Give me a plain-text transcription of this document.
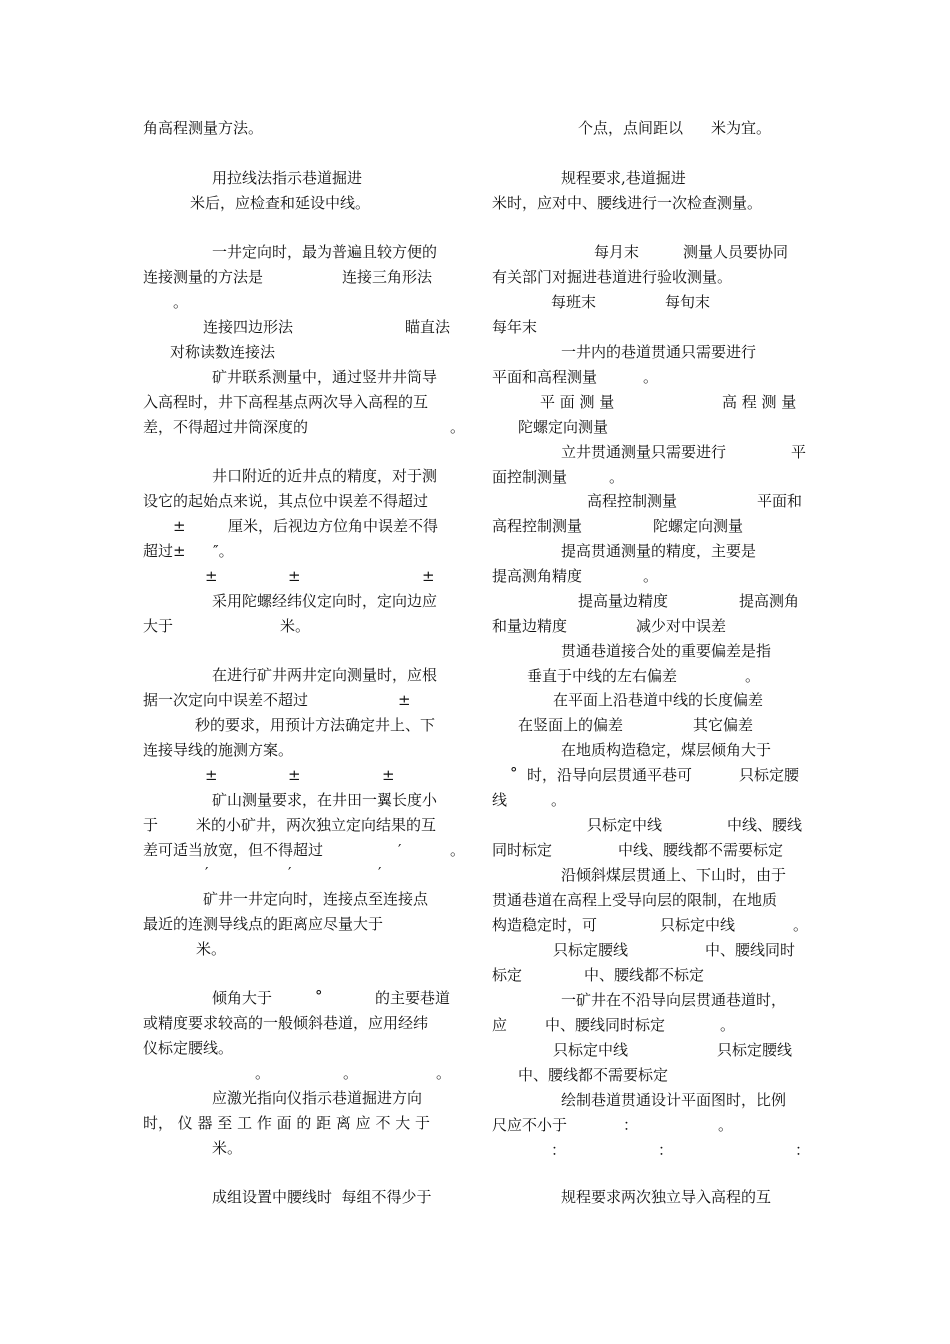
角高程测量方法。
用拉线法指示巷道掘进
米后，应检查和延设中线。
一井定向时，最为普遍且较方便的
连接测量的方法是	连接三角形法
。
连接四边形法	瞄直法
对称读数连接法
矿井联系测量中，通过竖井井筒导
入高程时，井下高程基点两次导入高程的互
差，不得超过井筒深度的	。
井口附近的近井点的精度，对于测
设它的起始点来说，其点位中误差不得超过
±	厘米，后视边方位角中误差不得
超过± ″。
±	±	±
采用陀螺经纬仪定向时，定向边应
大于	米。
在进行矿井两井定向测量时，应根
据一次定向中误差不超过	±
秒的要求，用预计方法确定井上、下
连接导线的施测方案。
±	±	±
矿山测量要求，在井田一翼长度小
于	米的小矿井，两次独立定向结果的互
差可适当放宽，但不得超过	′	。
′	′	′
矿井一井定向时，连接点至连接点
最近的连测导线点的距离应尽量大于
米。
倾角大于	°	的主要巷道
或精度要求较高的一般倾斜巷道，应用经纬
仪标定腰线。
。	。	。
应激光指向仪指示巷道掘进方向
时， 仪 器 至 工 作 面 的 距 离 应 不 大 于
米。
成组设置中腰线时  每组不得少于
个点，点间距以 米为宜。
规程要求,巷道掘进
米时，应对中、腰线进行一次检查测量。
每月末	测量人员要协同
有关部门对掘进巷道进行验收测量。
每班末	每旬末
每年末
一井内的巷道贯通只需要进行
平面和高程测量	。
平 面 测 量	高 程 测 量
陀螺定向测量
立井贯通测量只需要进行	平
面控制测量	。
高程控制测量	平面和
高程控制测量	陀螺定向测量
提高贯通测量的精度，主要是
提高测角精度	。
提高量边精度	提高测角
和量边精度	减少对中误差
贯通巷道接合处的重要偏差是指
垂直于中线的左右偏差	。
在平面上沿巷道中线的长度偏差
在竖面上的偏差	其它偏差
在地质构造稳定，煤层倾角大于
° 时，沿导向层贯通平巷可	只标定腰
线	。
只标定中线	中线、腰线
同时标定	中线、腰线都不需要标定
沿倾斜煤层贯通上、下山时，由于
贯通巷道在高程上受导向层的限制，在地质
构造稳定时，可	只标定中线	。
只标定腰线	中、腰线同时
标定	中、腰线都不标定
一矿井在不沿导向层贯通巷道时，
应	中、腰线同时标定	。
只标定中线	只标定腰线
中、腰线都不需要标定
绘制巷道贯通设计平面图时，比例
尺应不小于	：	。
：	：	：
规程要求两次独立导入高程的互
